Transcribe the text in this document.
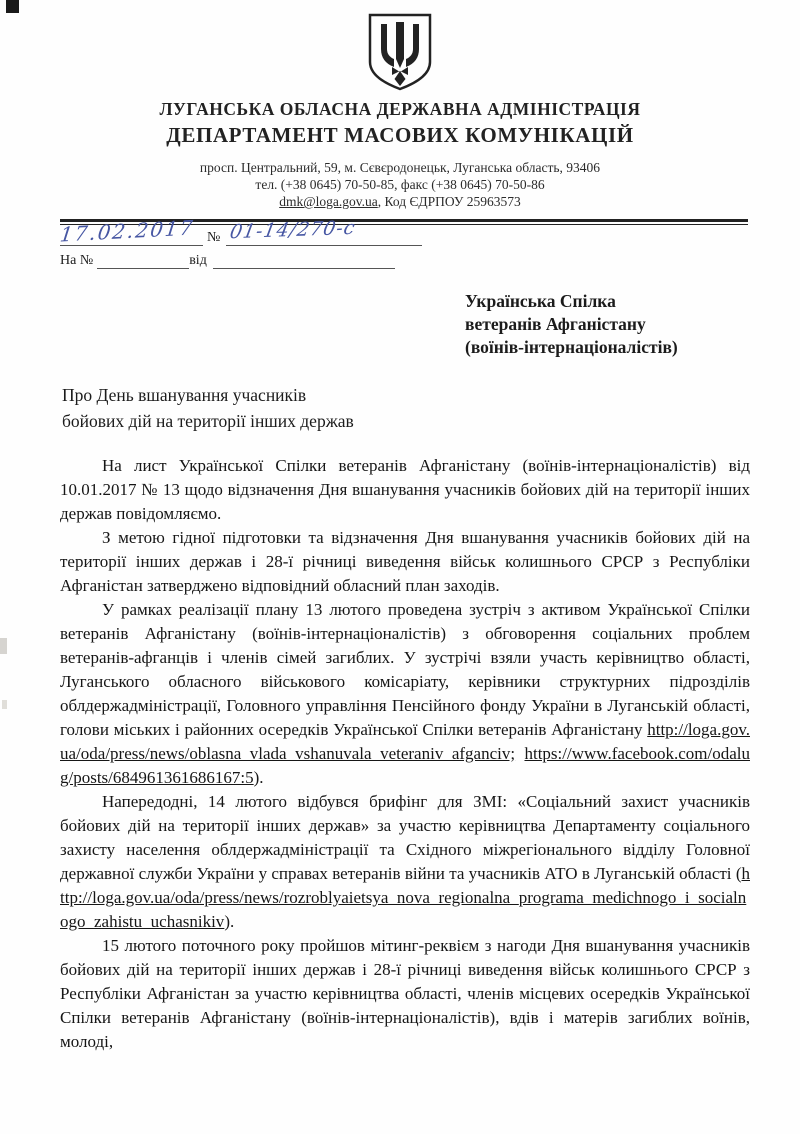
ЛУГАНСЬКА ОБЛАСНА ДЕРЖАВНА АДМІНІСТРАЦІЯ
ДЕПАРТАМЕНТ МАСОВИХ КОМУНІКАЦІЙ
просп. Центральний, 59, м. Сєвєродонецьк, Луганська область, 93406
тел. (+38 0645) 70-50-85, факс (+38 0645) 70-50-86
dmk@loga.gov.ua, Код ЄДРПОУ 25963573
17.02.2017 № 01-14/270-с
На №	від
Українська Спілка
ветеранів Афганістану
(воїнів-інтернаціоналістів)
Про День вшанування учасників
бойових дій на території інших держав

На лист Української Спілки ветеранів Афганістану (воїнів-інтернаціоналістів) від 10.01.2017 № 13 щодо відзначення Дня вшанування учасників бойових дій на території інших держав повідомляємо.

З метою гідної підготовки та відзначення Дня вшанування учасників бойових дій на території інших держав і 28-ї річниці виведення військ колишнього СРСР з Республіки Афганістан затверджено відповідний обласний план заходів.

У рамках реалізації плану 13 лютого проведена зустріч з активом Української Спілки ветеранів Афганістану (воїнів-інтернаціоналістів) з обговорення соціальних проблем ветеранів-афганців і членів сімей загиблих. У зустрічі взяли участь керівництво області, Луганського обласного військового комісаріату, керівники структурних підрозділів облдержадміністрації, Головного управління Пенсійного фонду України в Луганській області, голови міських і районних осередків Української Спілки ветеранів Афганістану http://loga.gov.ua/oda/press/news/oblasna_vlada_vshanuvala_veteraniv_afganciv; https://www.facebook.com/odalug/posts/684961361686167:5).

Напередодні, 14 лютого відбувся брифінг для ЗМІ: «Соціальний захист учасників бойових дій на території інших держав» за участю керівництва Департаменту соціального захисту населення облдержадміністрації та Східного міжрегіонального відділу Головної державної служби України у справах ветеранів війни та учасників АТО в Луганській області (http://loga.gov.ua/oda/press/news/rozroblyaietsya_nova_regionalna_programa_medichnogo_i_socialnogo_zahistu_uchasnikiv).

15 лютого поточного року пройшов мітинг-реквієм з нагоди Дня вшанування учасників бойових дій на території інших держав і 28-ї річниці виведення військ колишнього СРСР з Республіки Афганістан за участю керівництва області, членів місцевих осередків Української Спілки ветеранів Афганістану (воїнів-інтернаціоналістів), вдів і матерів загиблих воїнів, молоді,
